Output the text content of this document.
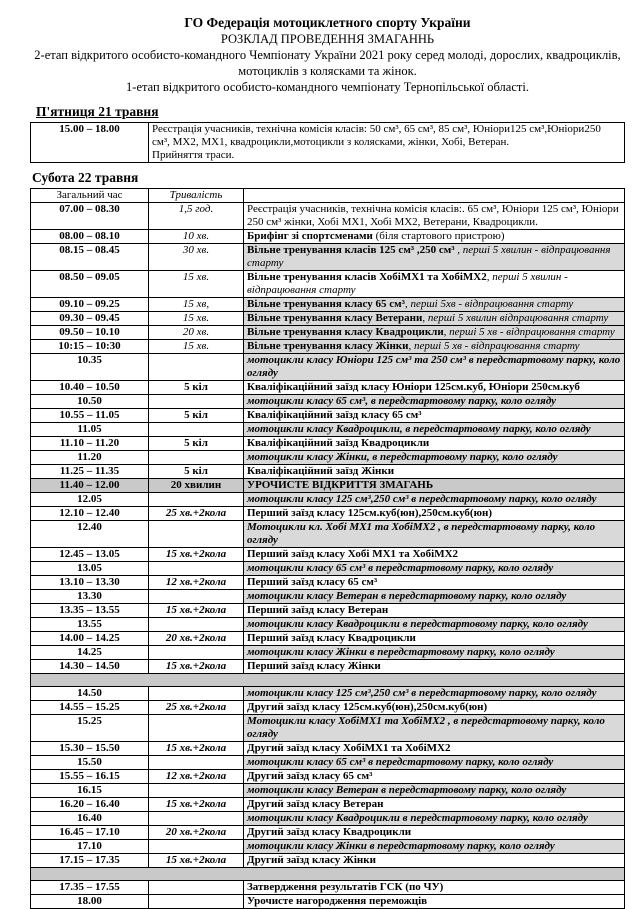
ГО Федерація мотоциклетного спорту України
РОЗКЛАД ПРОВЕДЕННЯ ЗМАГАННЬ
2-етап відкритого особисто-командного Чемпіонату України 2021 року серед молоді, дорослих, квадроциклів, мотоциклів з колясками та жінок.
1-етап відкритого особисто-командного чемпіонату Тернопільської області.
П'ятниця 21 травня
15.00 – 18.00	Реєстрація учасників, технічна комісія класів: 50 см³, 65 см³, 85 см³, Юніори125 см³,Юніори250 см³, МХ2, МХ1, квадроцикли,мотоцикли з колясками, жінки, Хобі, Ветеран.
Прийняття траси.
Субота 22 травня
Загальний час	Тривалість	
07.00 – 08.30	1,5 год.	Реєстрація учасників, технічна комісія класів:. 65 см³, Юніори 125 см³, Юніори 250 см³ жінки, Хобі МХ1, Хобі МХ2, Ветерани, Квадроцикли.
08.00 – 08.10	10 хв.	Брифінг зі спортсменами (біля стартового пристрою)
08.15 – 08.45	30 хв.	Вільне тренування класів 125 см³ ,250 см³ , перші 5 хвилин - відпрацювання старту
08.50 – 09.05	15 хв.	Вільне тренування класів ХобіМХ1 та ХобіМХ2, перші 5 хвилин - відпрацювання старту
09.10 – 09.25	15 хв,	Вільне тренування класу 65 см³, перші 5хв - відпрацювання старту
09.30 – 09.45	15 хв.	Вільне тренування класу Ветерани, перші 5 хвилин відпрацювання старту
09.50 – 10.10	20 хв.	Вільне тренування класу Квадроцикли, перші 5 хв - відпрацювання старту
10:15 – 10:30	15 хв.	Вільне тренування класу Жінки, перші 5 хв - відпрацювання старту
10.35		мотоцикли класу Юніори 125 см³ та 250 см³ в передстартовому парку, коло огляду
10.40 – 10.50	5 кіл	Кваліфікаційний заїзд класу Юніори 125см.куб, Юніори 250см.куб
10.50		мотоцикли класу 65 см³, в передстартовому парку, коло огляду
10.55 – 11.05	5 кіл	Кваліфікаційний заїзд класу 65 см³
11.05		мотоцикли класу Квадроцикли, в передстартовому парку, коло огляду
11.10 – 11.20	5 кіл	Кваліфікаційний заїзд Квадроцикли
11.20		мотоцикли класу Жінки, в передстартовому парку, коло огляду
11.25 – 11.35	5 кіл	Кваліфікаційний заїзд Жінки
11.40 – 12.00	20 хвилин	УРОЧИСТЕ ВІДКРИТТЯ ЗМАГАНЬ
12.05		мотоцикли класу 125 см³,250 см³ в передстартовому парку, коло огляду
12.10 – 12.40	25 хв.+2кола	Перший заїзд класу 125см.куб(юн),250см.куб(юн)
12.40		Мотоцикли кл. Хобі МХ1 та ХобіМХ2 , в передстартовому парку, коло огляду
12.45 – 13.05	15 хв.+2кола	Перший заїзд класу Хобі МХ1 та ХобіМХ2
13.05		мотоцикли класу 65 см³ в передстартовому парку, коло огляду
13.10 – 13.30	12 хв.+2кола	Перший заїзд класу 65 см³
13.30		мотоцикли класу Ветеран в передстартовому парку, коло огляду
13.35 – 13.55	15 хв.+2кола	Перший заїзд класу Ветеран
13.55		мотоцикли класу Квадроцикли в передстартовому парку, коло огляду
14.00 – 14.25	20 хв.+2кола	Перший заїзд класу Квадроцикли
14.25		мотоцикли класу Жінки в передстартовому парку, коло огляду
14.30 – 14.50	15 хв.+2кола	Перший заїзд класу Жінки

14.50		мотоцикли класу 125 см³,250 см³ в передстартовому парку, коло огляду
14.55 – 15.25	25 хв.+2кола	Другий заїзд класу 125см.куб(юн),250см.куб(юн)
15.25		Мотоцикли класу ХобіМХ1 та ХобіМХ2 , в передстартовому парку, коло огляду
15.30 – 15.50	15 хв.+2кола	Другий заїзд класу ХобіМХ1 та ХобіМХ2
15.50		мотоцикли класу 65 см³ в передстартовому парку, коло огляду
15.55 – 16.15	12 хв.+2кола	Другий заїзд класу 65 см³
16.15		мотоцикли класу Ветеран в передстартовому парку, коло огляду
16.20 – 16.40	15 хв.+2кола	Другий заїзд класу Ветеран
16.40		мотоцикли класу Квадроцикли в передстартовому парку, коло огляду
16.45 – 17.10	20 хв.+2кола	Другий заїзд класу Квадроцикли
17.10		мотоцикли класу Жінки в передстартовому парку, коло огляду
17.15 – 17.35	15 хв.+2кола	Другий заїзд класу Жінки

17.35 – 17.55		Затвердження результатів ГСК (по ЧУ)
18.00		Урочисте нагородження переможців
